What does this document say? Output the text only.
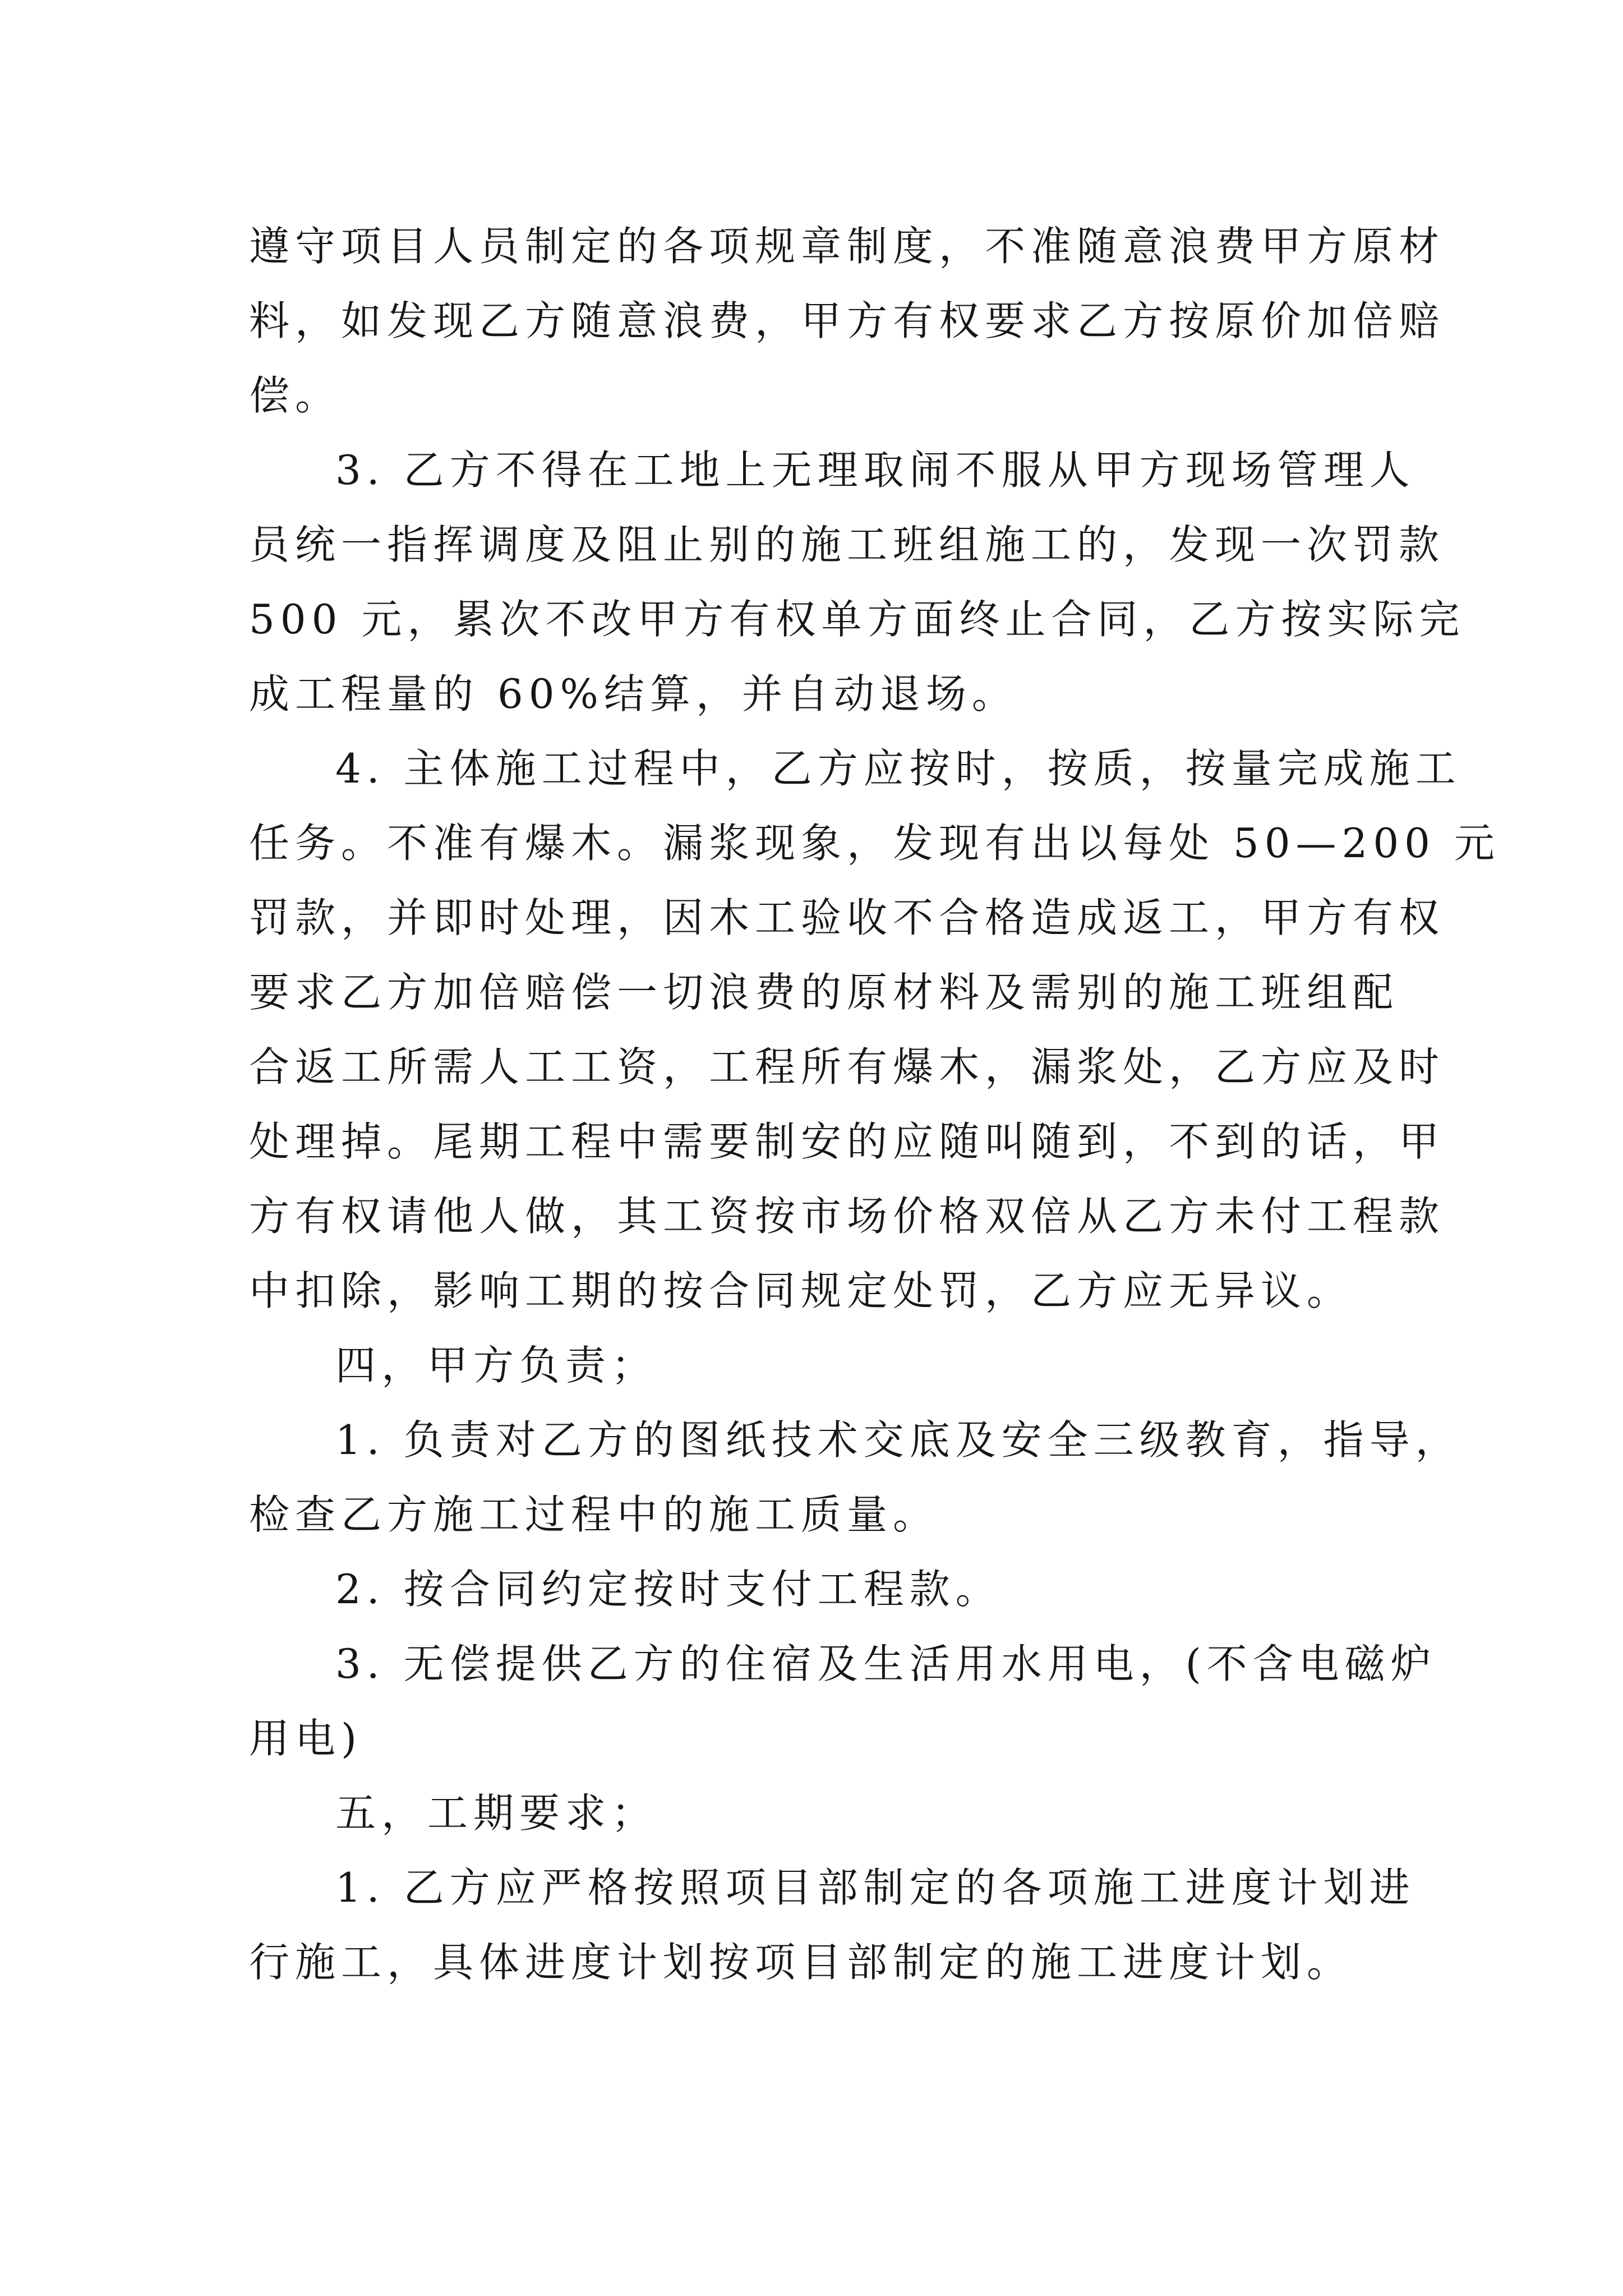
遵守项目人员制定的各项规章制度，不准随意浪费甲方原材
料，如发现乙方随意浪费，甲方有权要求乙方按原价加倍赔
偿。
3. 乙方不得在工地上无理取闹不服从甲方现场管理人
员统一指挥调度及阻止别的施工班组施工的，发现一次罚款
500 元，累次不改甲方有权单方面终止合同，乙方按实际完
成工程量的 60%结算，并自动退场。
4. 主体施工过程中，乙方应按时，按质，按量完成施工
任务。不准有爆木。漏浆现象，发现有出以每处 50—200 元
罚款，并即时处理，因木工验收不合格造成返工，甲方有权
要求乙方加倍赔偿一切浪费的原材料及需别的施工班组配
合返工所需人工工资，工程所有爆木，漏浆处，乙方应及时
处理掉。尾期工程中需要制安的应随叫随到，不到的话，甲
方有权请他人做，其工资按市场价格双倍从乙方未付工程款
中扣除，影响工期的按合同规定处罚，乙方应无异议。
四，甲方负责；
1. 负责对乙方的图纸技术交底及安全三级教育，指导，
检查乙方施工过程中的施工质量。
2. 按合同约定按时支付工程款。
3. 无偿提供乙方的住宿及生活用水用电，(不含电磁炉
用电)
五，工期要求；
1. 乙方应严格按照项目部制定的各项施工进度计划进
行施工，具体进度计划按项目部制定的施工进度计划。
